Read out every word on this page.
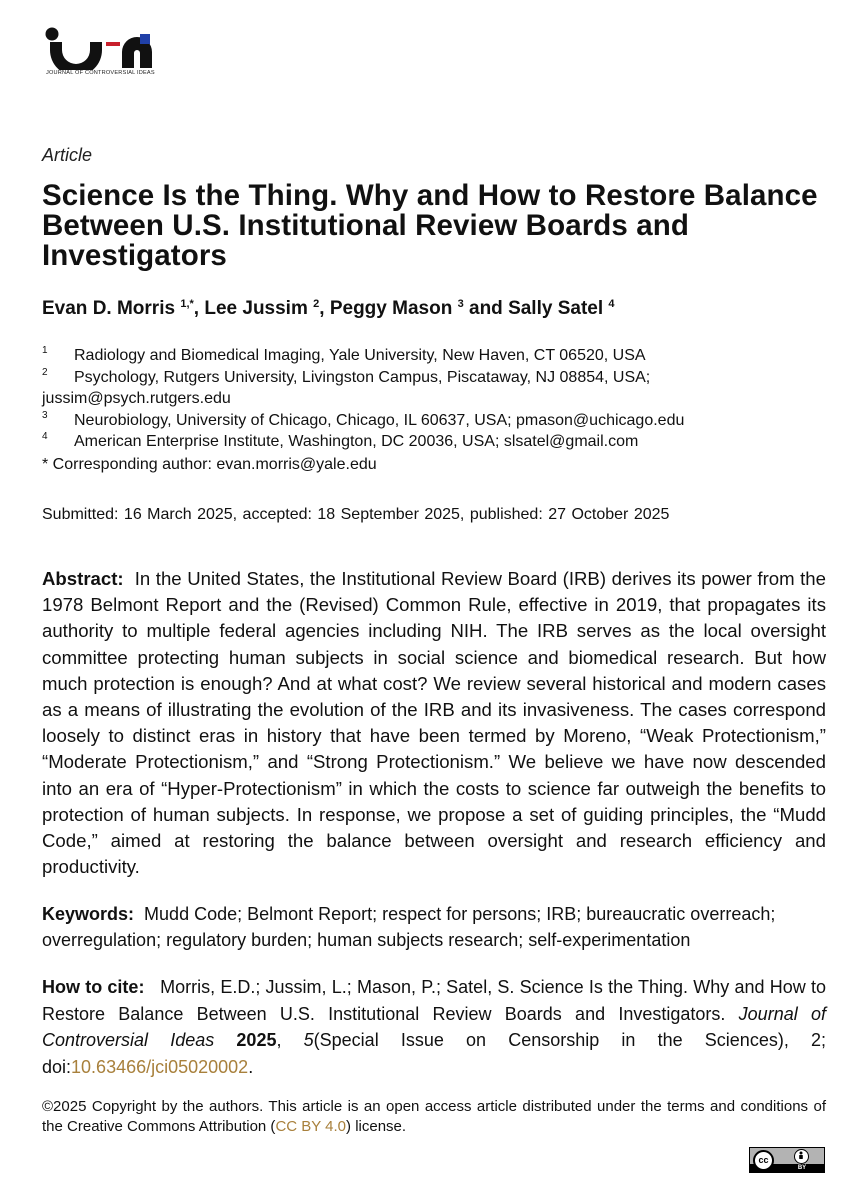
JOURNAL OF CONTROVERSIAL IDEAS
Article
Science Is the Thing. Why and How to Restore Balance Between U.S. Institutional Review Boards and Investigators
Evan D. Morris $^{1,*}$, Lee Jussim $^2$, Peggy Mason $^3$ and Sally Satel $^4$
1 Radiology and Biomedical Imaging, Yale University, New Haven, CT 06520, USA
2 Psychology, Rutgers University, Livingston Campus, Piscataway, NJ 08854, USA;
jussim@psych.rutgers.edu
3 Neurobiology, University of Chicago, Chicago, IL 60637, USA; pmason@uchicago.edu
4 American Enterprise Institute, Washington, DC 20036, USA; slsatel@gmail.com
* Corresponding author: evan.morris@yale.edu
Submitted: 16 March 2025, accepted: 18 September 2025, published: 27 October 2025

Abstract: In the United States, the Institutional Review Board (IRB) derives its power from the 1978 Belmont Report and the (Revised) Common Rule, effective in 2019, that propagates its authority to multiple federal agencies including NIH. The IRB serves as the local oversight committee protecting human subjects in social science and biomedical research. But how much protection is enough? And at what cost? We review several historical and modern cases as a means of illustrating the evolution of the IRB and its invasiveness. The cases correspond loosely to distinct eras in history that have been termed by Moreno, “Weak Protectionism,” “Moderate Protectionism,” and “Strong Protectionism.” We believe we have now descended into an era of “Hyper-Protectionism” in which the costs to science far outweigh the benefits to protection of human subjects. In response, we propose a set of guiding principles, the “Mudd Code,” aimed at restoring the balance between oversight and research efficiency and productivity.

Keywords: Mudd Code; Belmont Report; respect for persons; IRB; bureaucratic overreach; overregulation; regulatory burden; human subjects research; self-experimentation

How to cite: Morris, E.D.; Jussim, L.; Mason, P.; Satel, S. Science Is the Thing. Why and How to Restore Balance Between U.S. Institutional Review Boards and Investigators. Journal of Controversial Ideas 2025, 5(Special Issue on Censorship in the Sciences), 2; doi:10.63466/jci05020002.

©2025 Copyright by the authors. This article is an open access article distributed under the terms and conditions of the Creative Commons Attribution (CC BY 4.0) license.

cc
BY
